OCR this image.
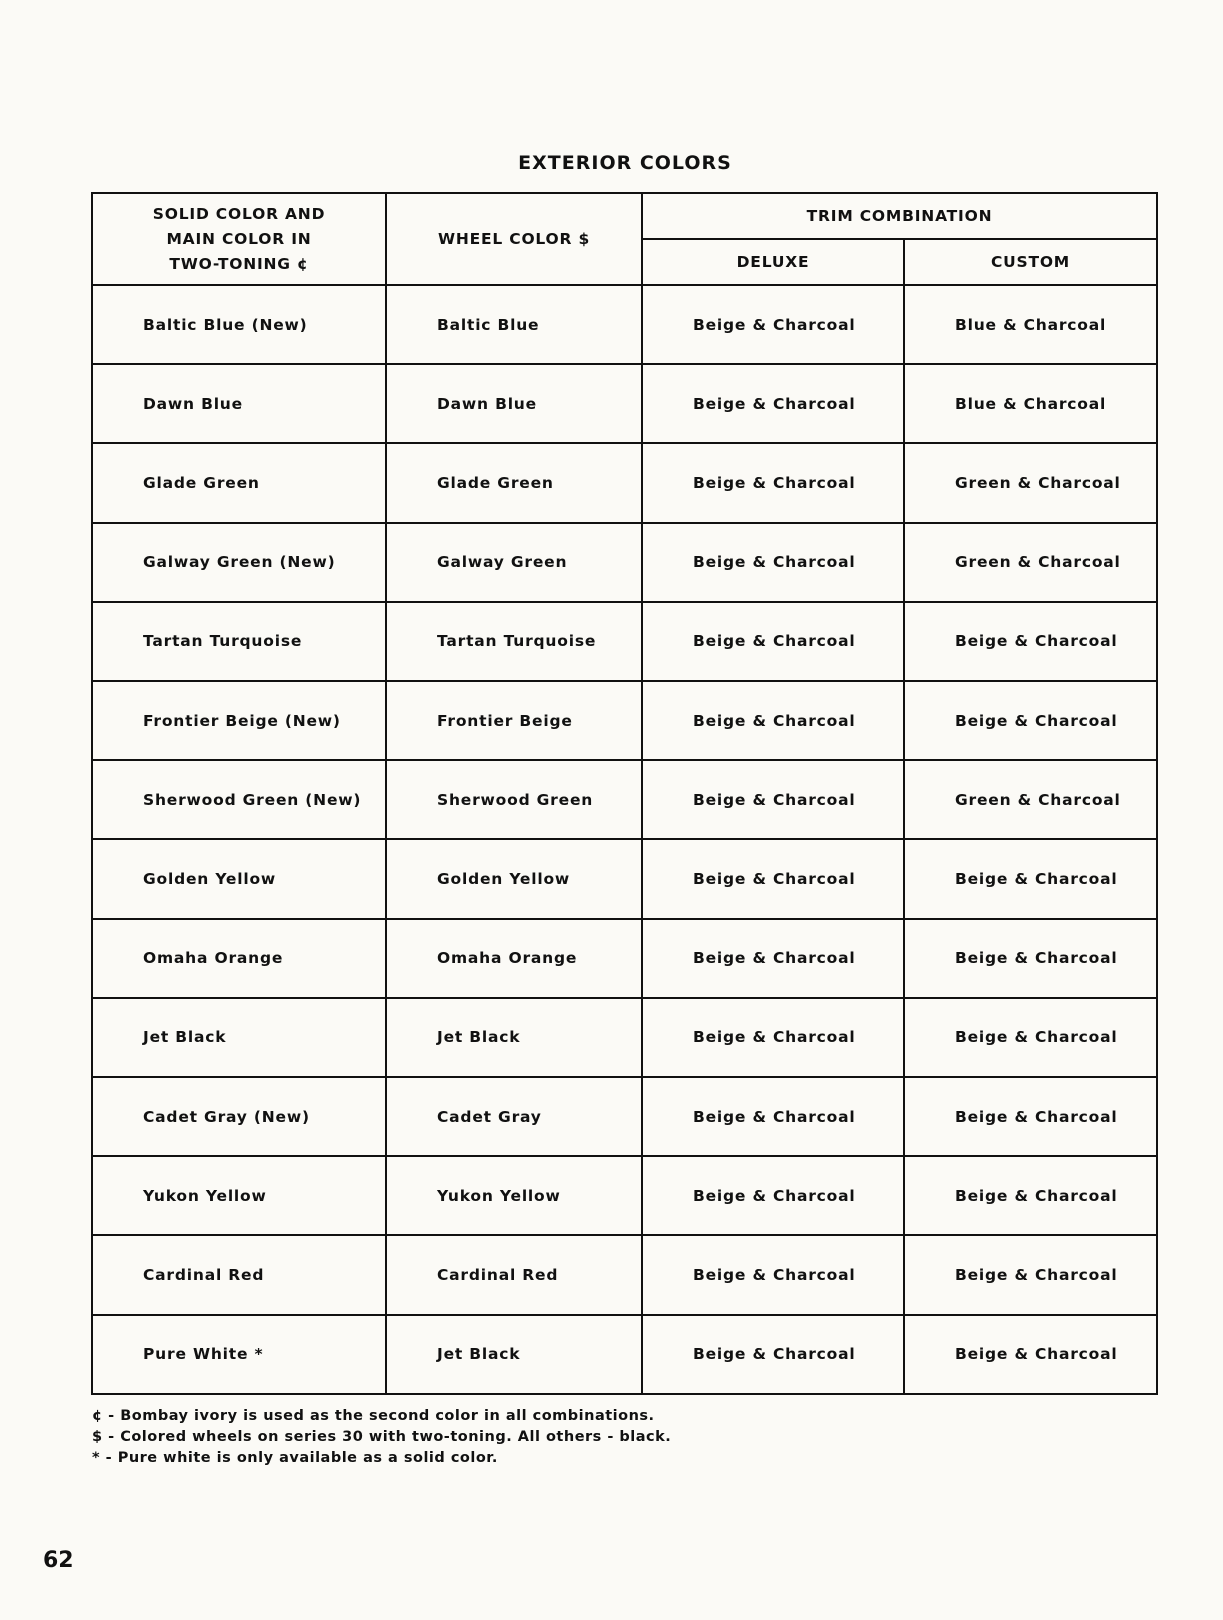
EXTERIOR COLORS
SOLID COLOR AND
MAIN COLOR IN
TWO-TONING ¢	WHEEL COLOR $	TRIM COMBINATION	
		DELUXE	CUSTOM
Baltic Blue (New)	Baltic Blue	Beige & Charcoal	Blue & Charcoal
Dawn Blue	Dawn Blue	Beige & Charcoal	Blue & Charcoal
Glade Green	Glade Green	Beige & Charcoal	Green & Charcoal
Galway Green (New)	Galway Green	Beige & Charcoal	Green & Charcoal
Tartan Turquoise	Tartan Turquoise	Beige & Charcoal	Beige & Charcoal
Frontier Beige (New)	Frontier Beige	Beige & Charcoal	Beige & Charcoal
Sherwood Green (New)	Sherwood Green	Beige & Charcoal	Green & Charcoal
Golden Yellow	Golden Yellow	Beige & Charcoal	Beige & Charcoal
Omaha Orange	Omaha Orange	Beige & Charcoal	Beige & Charcoal
Jet Black	Jet Black	Beige & Charcoal	Beige & Charcoal
Cadet Gray (New)	Cadet Gray	Beige & Charcoal	Beige & Charcoal
Yukon Yellow	Yukon Yellow	Beige & Charcoal	Beige & Charcoal
Cardinal Red	Cardinal Red	Beige & Charcoal	Beige & Charcoal
Pure White *	Jet Black	Beige & Charcoal	Beige & Charcoal
¢ - Bombay ivory is used as the second color in all combinations.
$ - Colored wheels on series 30 with two-toning. All others - black.
* - Pure white is only available as a solid color.
62
